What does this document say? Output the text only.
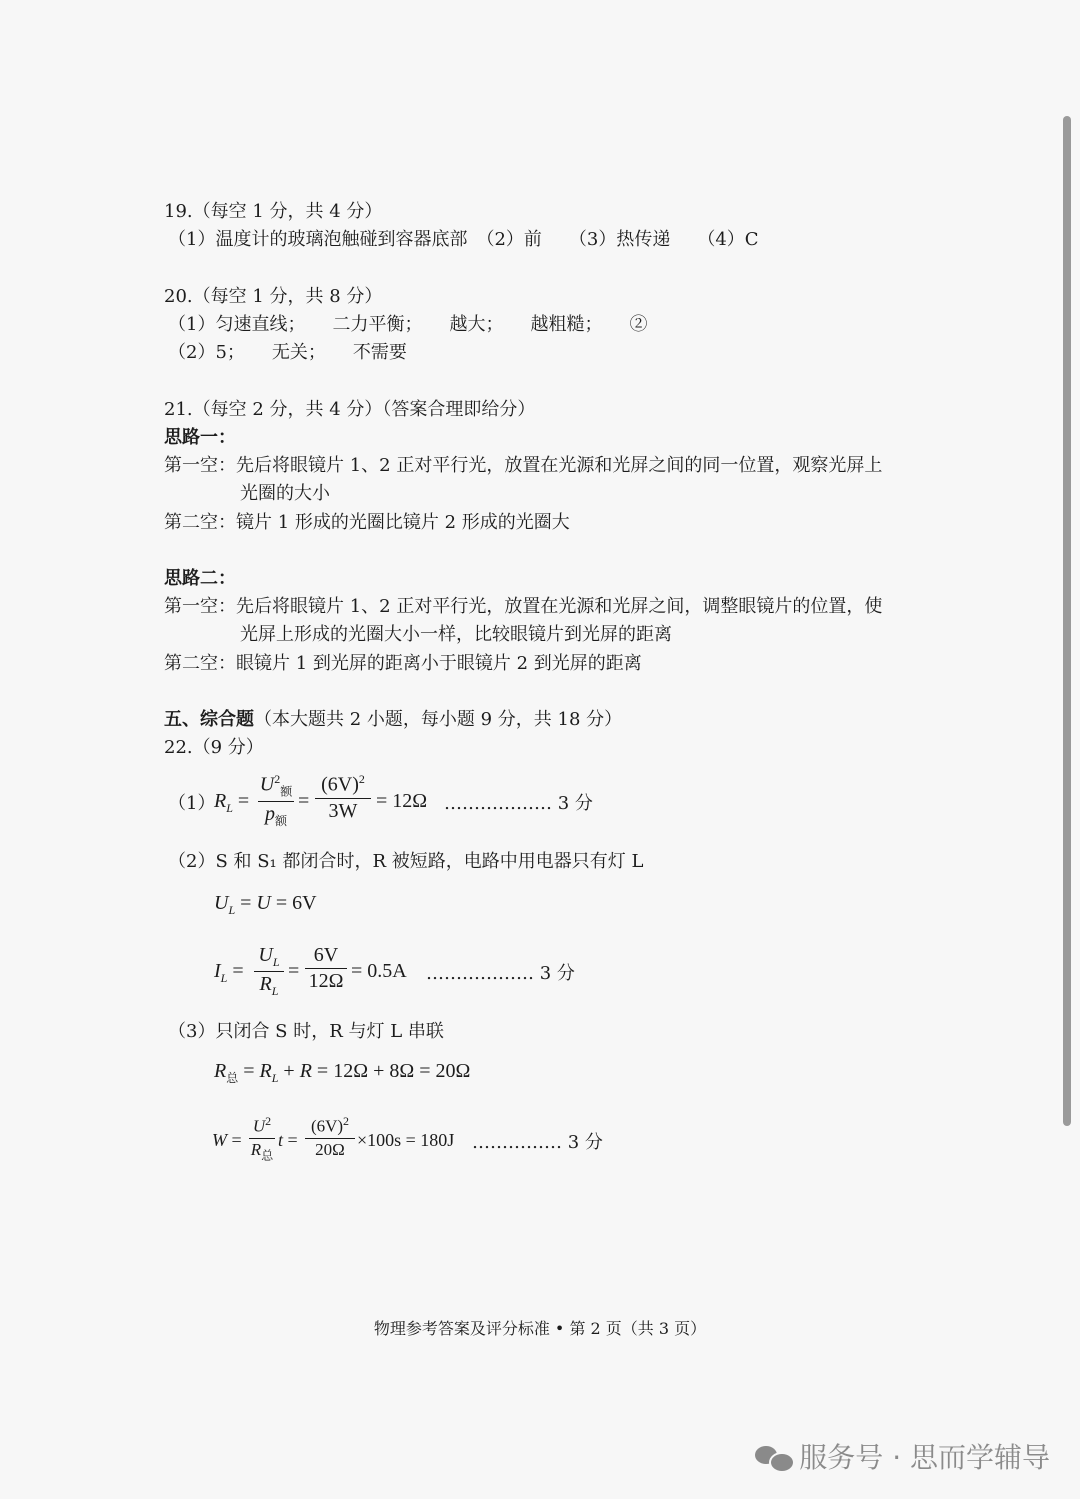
19.（每空 1 分，共 4 分）
（1）温度计的玻璃泡触碰到容器底部　（2）前　　（3）热传递　　（4）C
20.（每空 1 分，共 8 分）
（1）匀速直线；　　二力平衡；　　越大；　　越粗糙；　　②
（2）5；　　无关；　　不需要
21.（每空 2 分，共 4 分）（答案合理即给分）
思路一：
第一空：先后将眼镜片 1、2 正对平行光，放置在光源和光屏之间的同一位置，观察光屏上
光圈的大小
第二空：镜片 1 形成的光圈比镜片 2 形成的光圈大
思路二：
第一空：先后将眼镜片 1、2 正对平行光，放置在光源和光屏之间，调整眼镜片的位置，使
光屏上形成的光圈大小一样，比较眼镜片到光屏的距离
第二空：眼镜片 1 到光屏的距离小于眼镜片 2 到光屏的距离
五、综合题（本大题共 2 小题，每小题 9 分，共 18 分）
22.（9 分）
（1）
$R_L$ =
$U^2_额$
$p_额$
=
$(6V)^2$
3W = 12Ω ……………… 3 分
（2）S 和 S₁ 都闭合时，R 被短路，电路中用电器只有灯 L
$U_L = U = 6V$
$I_L$ =
$U_L$
$R_L$
=
6V
12Ω = 0.5A ……………… 3 分
（3）只闭合 S 时，R 与灯 L 串联
$R_总 = R_L + R = 12\Omega + 8\Omega = 20\Omega$
W =
$U^2$
$R_总$
t =
$(6V)^2$
20Ω ×100s = 180J …………… 3 分
物理参考答案及评分标准 • 第 2 页（共 3 页）
服务号 · 思而学辅导
